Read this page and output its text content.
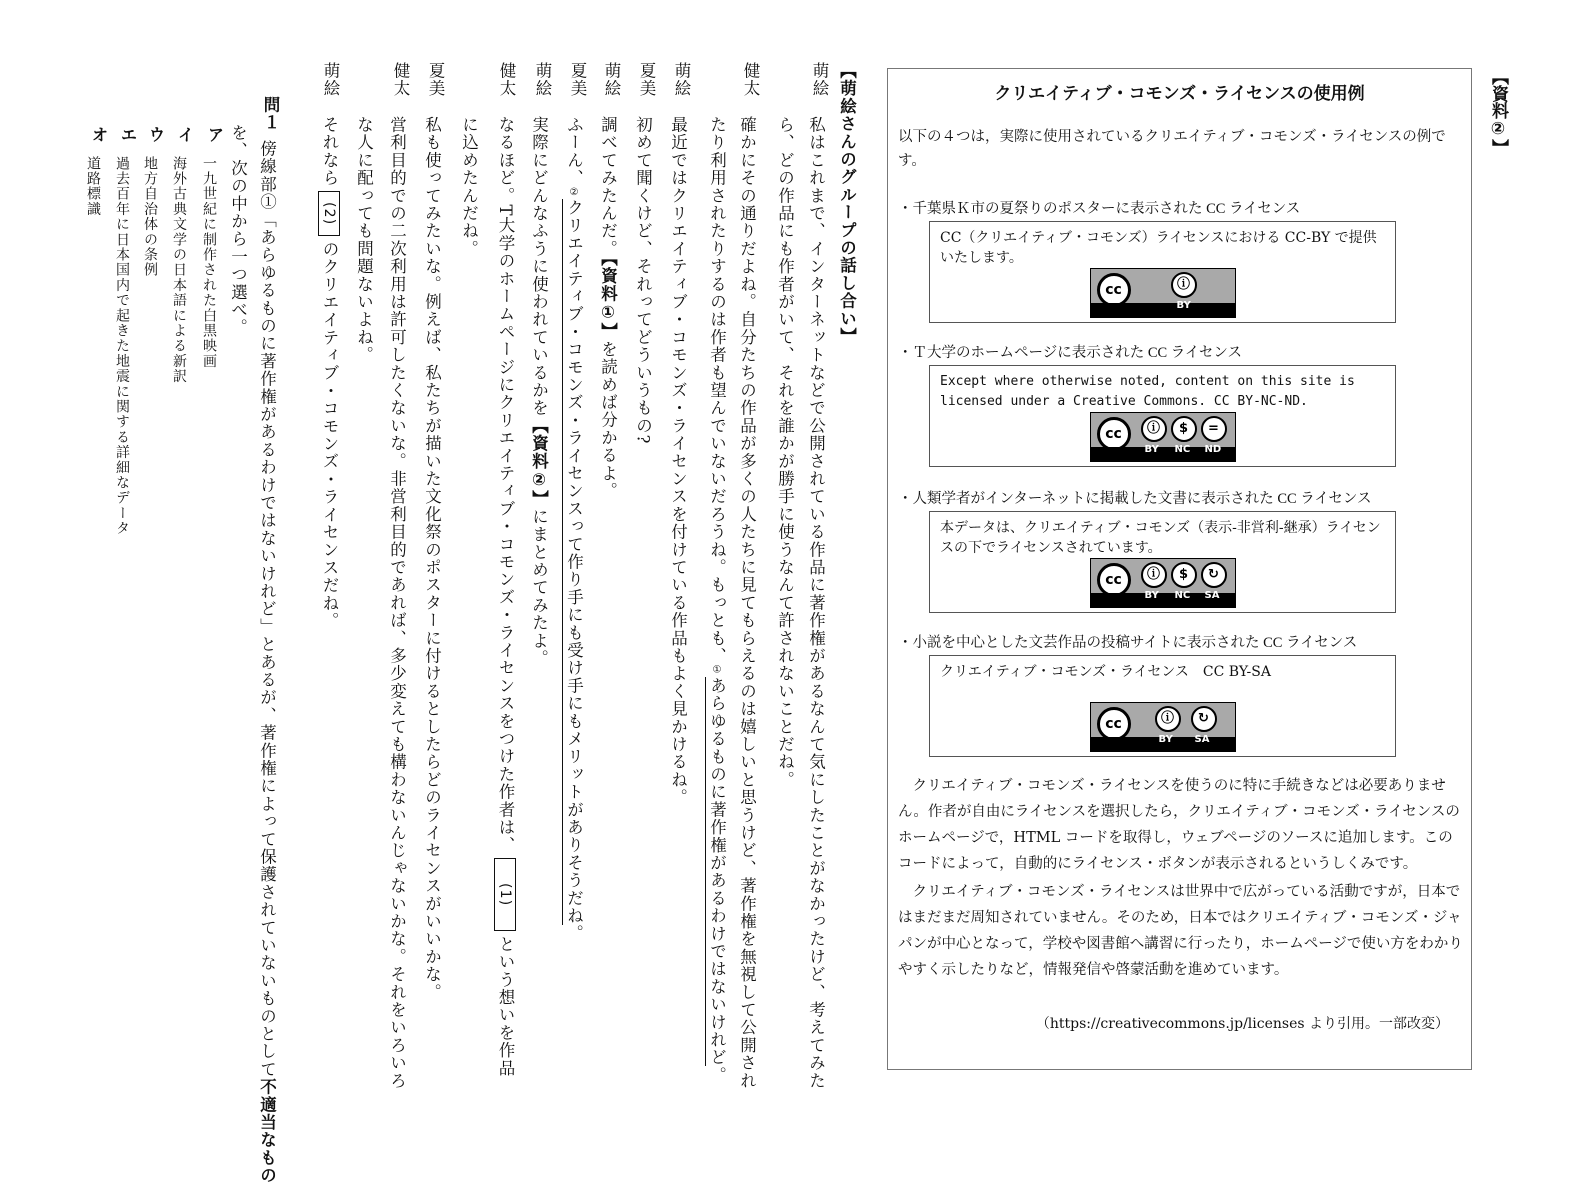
【萌絵さんのグループの話し合い】
萌絵
私はこれまで、インターネットなどで公開されている作品に著作権があるなんて気にしたことがなかったけど、考えてみた
ら、どの作品にも作者がいて、それを誰かが勝手に使うなんて許されないことだね。
健太
確かにその通りだよね。自分たちの作品が多くの人たちに見てもらえるのは嬉しいと思うけど、著作権を無視して公開され
たり利用されたりするのは作者も望んでいないだろうね。もっとも、①あらゆるものに著作権があるわけではないけれど。
萌絵
最近ではクリエイティブ・コモンズ・ライセンスを付けている作品もよく見かけるね。
夏美
初めて聞くけど、それってどういうもの?
萌絵
調べてみたんだ。【資料①】を読めば分かるよ。
夏美
ふーん、②クリエイティブ・コモンズ・ライセンスって作り手にも受け手にもメリットがありそうだね。
萌絵
実際にどんなふうに使われているかを【資料②】にまとめてみたよ。
健太
なるほど。T大学のホームページにクリエイティブ・コモンズ・ライセンスをつけた作者は、(1)という想いを作品
に込めたんだね。
夏美
私も使ってみたいな。例えば、私たちが描いた文化祭のポスターに付けるとしたらどのライセンスがいいかな。
健太
営利目的での二次利用は許可したくないな。非営利目的であれば、多少変えても構わないんじゃないかな。それをいろいろ
な人に配っても問題ないよね。
萌絵
それなら(2)のクリエイティブ・コモンズ・ライセンスだね。
問１
傍線部①「あらゆるものに著作権があるわけではないけれど」とあるが、著作権によって保護されていないものとして不適当なもの
を、次の中から一つ選べ。
ア
一九世紀に制作された白黒映画
イ
海外古典文学の日本語による新訳
ウ
地方自治体の条例
エ
過去百年に日本国内で起きた地震に関する詳細なデータ
オ
道路標識
【資料②】
クリエイティブ・コモンズ・ライセンスの使用例
以下の４つは，実際に使用されているクリエイティブ・コモンズ・ライセンスの例です。
・千葉県Ｋ市の夏祭りのポスターに表示された CC ライセンス
CC（クリエイティブ・コモンズ）ライセンスにおける CC-BY で提供いたします。
cc	ⓘ
BY
・Ｔ大学のホームページに表示された CC ライセンス
Except where otherwise noted, content on this site is licensed under a Creative Commons. CC BY-NC-ND.
cc	ⓘ	$	=
BY NC ND
・人類学者がインターネットに掲載した文書に表示された CC ライセンス
本データは、クリエイティブ・コモンズ（表示-非営利-継承）ライセンスの下でライセンスされています。
cc	ⓘ	$	↻
BY NC SA
・小説を中心とした文芸作品の投稿サイトに表示された CC ライセンス
クリエイティブ・コモンズ・ライセンス　CC BY-SA
cc	ⓘ	↻
BY SA
クリエイティブ・コモンズ・ライセンスを使うのに特に手続きなどは必要ありません。作者が自由にライセンスを選択したら，クリエイティブ・コモンズ・ライセンスのホームページで，HTML コードを取得し，ウェブページのソースに追加します。このコードによって，自動的にライセンス・ボタンが表示されるというしくみです。
クリエイティブ・コモンズ・ライセンスは世界中で広がっている活動ですが，日本ではまだまだ周知されていません。そのため，日本ではクリエイティブ・コモンズ・ジャパンが中心となって，学校や図書館へ講習に行ったり，ホームページで使い方をわかりやすく示したりなど，情報発信や啓蒙活動を進めています。
（https://creativecommons.jp/licenses より引用。一部改変）
